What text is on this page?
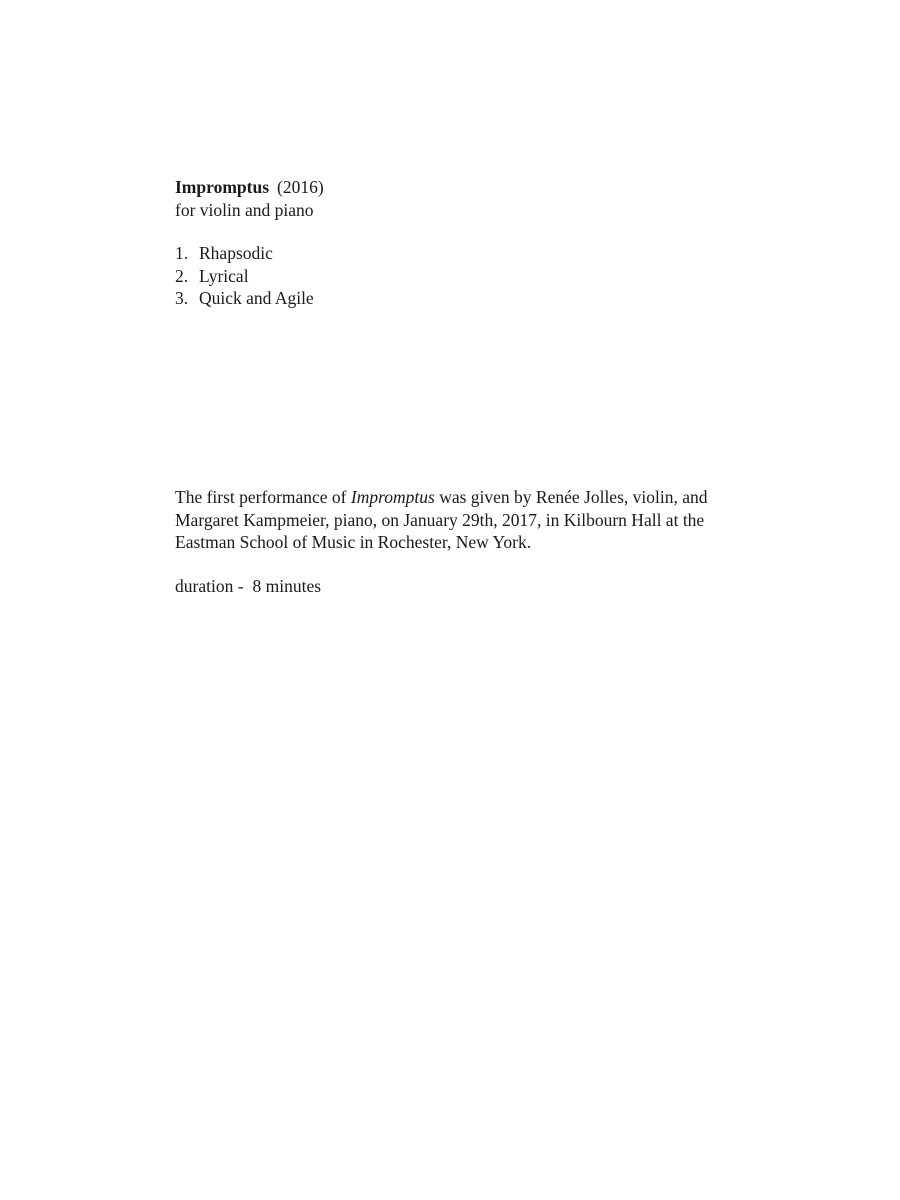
Impromptus (2016)
for violin and piano
1. Rhapsodic
2. Lyrical
3. Quick and Agile
The first performance of Impromptus was given by Renée Jolles, violin, and
Margaret Kampmeier, piano, on January 29th, 2017, in Kilbourn Hall at the
Eastman School of Music in Rochester, New York.
duration - 8 minutes
